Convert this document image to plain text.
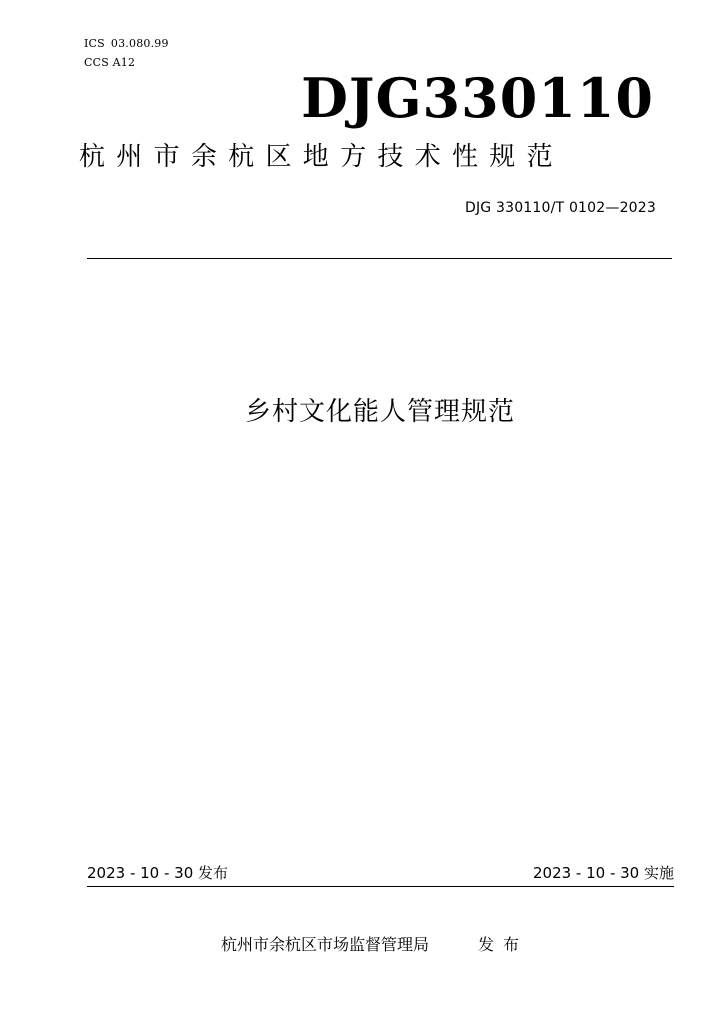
ICS 03.080.99
CCS A12
DJG330110
杭州市余杭区地方技术性规范
DJG 330110/T 0102—2023
乡村文化能人管理规范
2023 - 10 - 30 发布	2023 - 10 - 30 实施
杭州市余杭区市场监督管理局	发布
